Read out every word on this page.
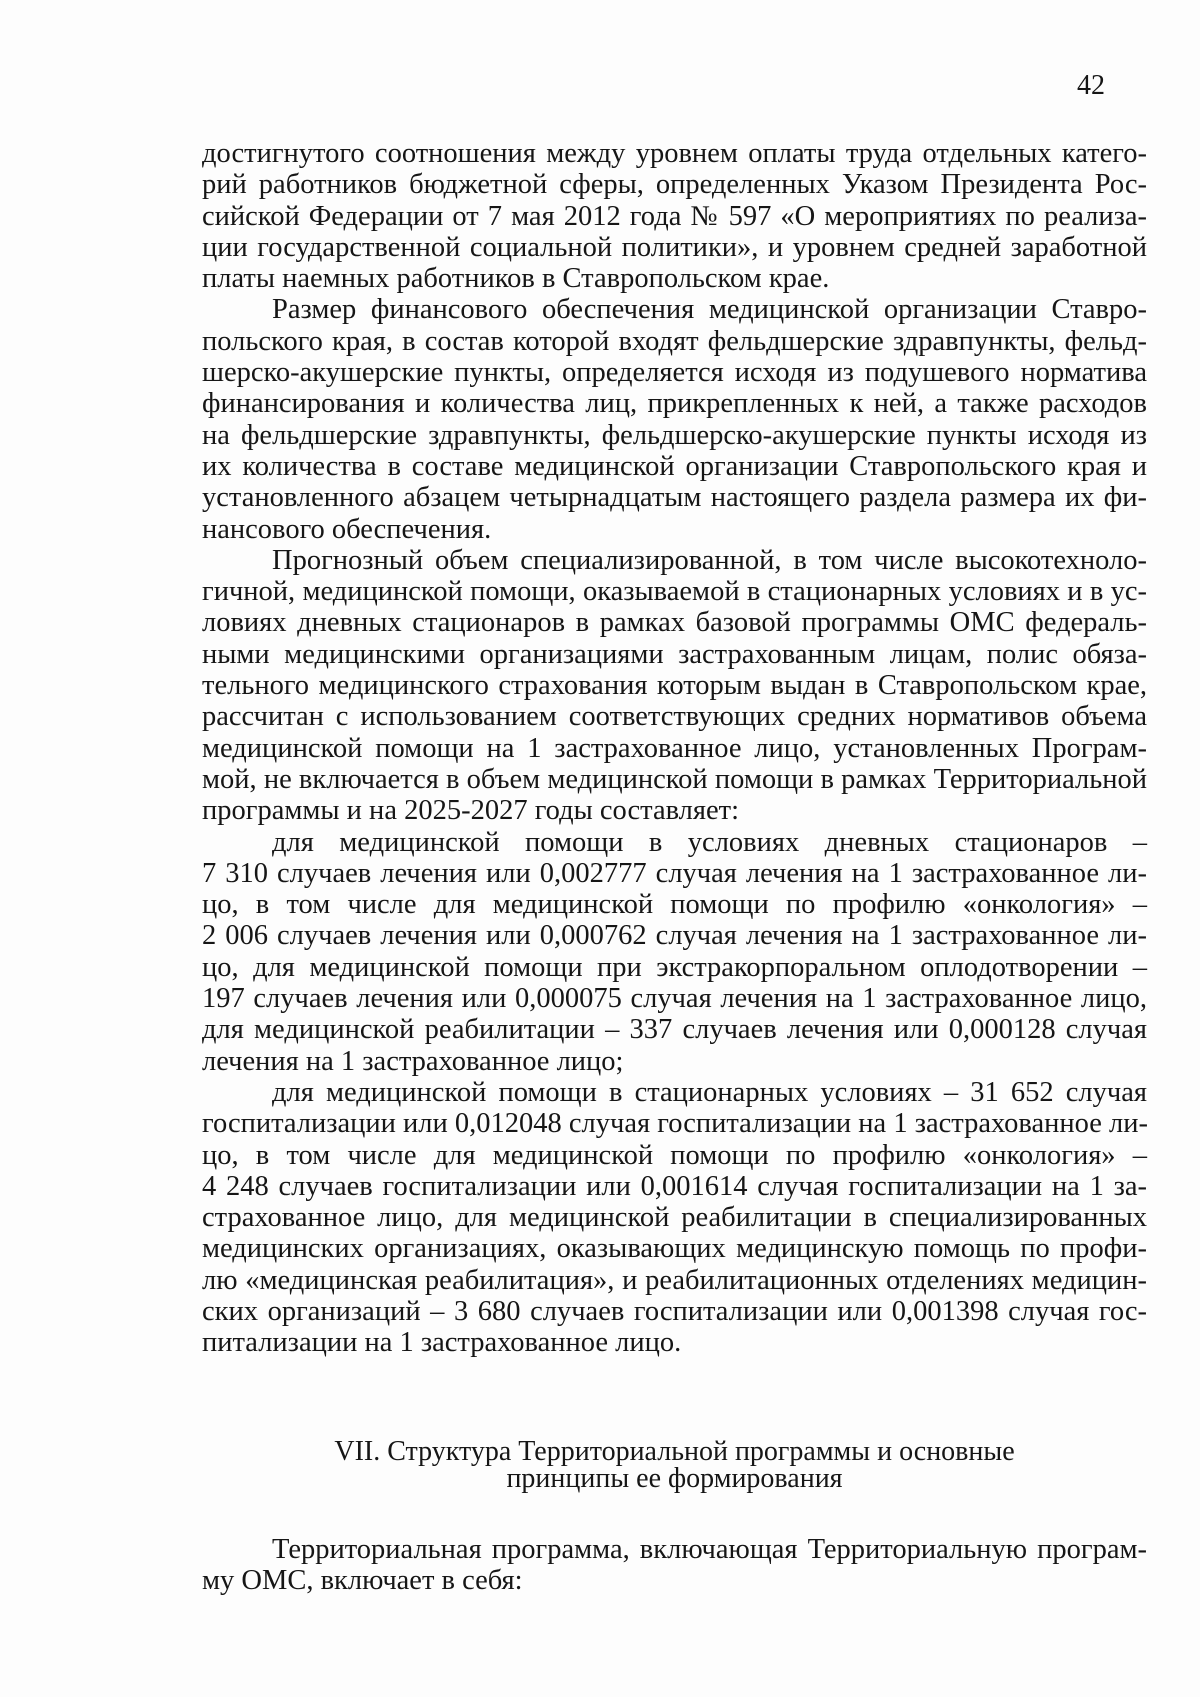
42
достигнутого соотношения между уровнем оплаты труда отдельных катего-
рий работников бюджетной сферы, определенных Указом Президента Рос-
сийской Федерации от 7 мая 2012 года № 597 «О мероприятиях по реализа-
ции государственной социальной политики», и уровнем средней заработной
платы наемных работников в Ставропольском крае.
Размер финансового обеспечения медицинской организации Ставро-
польского края, в состав которой входят фельдшерские здравпункты, фельд-
шерско-акушерские пункты, определяется исходя из подушевого норматива
финансирования и количества лиц, прикрепленных к ней, а также расходов
на фельдшерские здравпункты, фельдшерско-акушерские пункты исходя из
их количества в составе медицинской организации Ставропольского края и
установленного абзацем четырнадцатым настоящего раздела размера их фи-
нансового обеспечения.
Прогнозный объем специализированной, в том числе высокотехноло-
гичной, медицинской помощи, оказываемой в стационарных условиях и в ус-
ловиях дневных стационаров в рамках базовой программы ОМС федераль-
ными медицинскими организациями застрахованным лицам, полис обяза-
тельного медицинского страхования которым выдан в Ставропольском крае,
рассчитан с использованием соответствующих средних нормативов объема
медицинской помощи на 1 застрахованное лицо, установленных Програм-
мой, не включается в объем медицинской помощи в рамках Территориальной
программы и на 2025-2027 годы составляет:
для медицинской помощи в условиях дневных стационаров –
7 310 случаев лечения или 0,002777 случая лечения на 1 застрахованное ли-
цо, в том числе для медицинской помощи по профилю «онкология» –
2 006 случаев лечения или 0,000762 случая лечения на 1 застрахованное ли-
цо, для медицинской помощи при экстракорпоральном оплодотворении –
197 случаев лечения или 0,000075 случая лечения на 1 застрахованное лицо,
для медицинской реабилитации – 337 случаев лечения или 0,000128 случая
лечения на 1 застрахованное лицо;
для медицинской помощи в стационарных условиях – 31 652 случая
госпитализации или 0,012048 случая госпитализации на 1 застрахованное ли-
цо, в том числе для медицинской помощи по профилю «онкология» –
4 248 случаев госпитализации или 0,001614 случая госпитализации на 1 за-
страхованное лицо, для медицинской реабилитации в специализированных
медицинских организациях, оказывающих медицинскую помощь по профи-
лю «медицинская реабилитация», и реабилитационных отделениях медицин-
ских организаций – 3 680 случаев госпитализации или 0,001398 случая гос-
питализации на 1 застрахованное лицо.
VII. Структура Территориальной программы и основные
принципы ее формирования
Территориальная программа, включающая Территориальную програм-
му ОМС, включает в себя:
